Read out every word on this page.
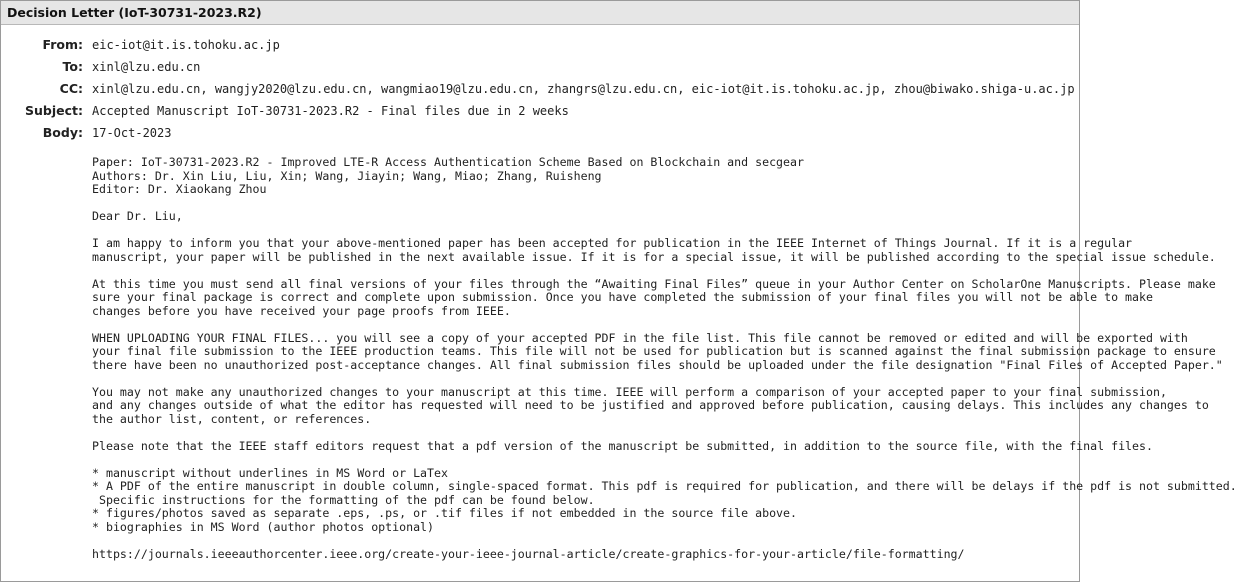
Decision Letter (IoT-30731-2023.R2)
From: eic-iot@it.is.tohoku.ac.jp
To: xinl@lzu.edu.cn
CC: xinl@lzu.edu.cn, wangjy2020@lzu.edu.cn, wangmiao19@lzu.edu.cn, zhangrs@lzu.edu.cn, eic-iot@it.is.tohoku.ac.jp, zhou@biwako.shiga-u.ac.jp
Subject: Accepted Manuscript IoT-30731-2023.R2 - Final files due in 2 weeks
Body: 17-Oct-2023
Paper: IoT-30731-2023.R2 - Improved LTE-R Access Authentication Scheme Based on Blockchain and secgear
Authors: Dr. Xin Liu, Liu, Xin; Wang, Jiayin; Wang, Miao; Zhang, Ruisheng
Editor: Dr. Xiaokang Zhou
Dear Dr. Liu,
I am happy to inform you that your above-mentioned paper has been accepted for publication in the IEEE Internet of Things Journal. If it is a regular
manuscript, your paper will be published in the next available issue. If it is for a special issue, it will be published according to the special issue schedule.
At this time you must send all final versions of your files through the “Awaiting Final Files” queue in your Author Center on ScholarOne Manuscripts. Please make
sure your final package is correct and complete upon submission. Once you have completed the submission of your final files you will not be able to make
changes before you have received your page proofs from IEEE.
WHEN UPLOADING YOUR FINAL FILES... you will see a copy of your accepted PDF in the file list. This file cannot be removed or edited and will be exported with
your final file submission to the IEEE production teams. This file will not be used for publication but is scanned against the final submission package to ensure
there have been no unauthorized post-acceptance changes. All final submission files should be uploaded under the file designation "Final Files of Accepted Paper."
You may not make any unauthorized changes to your manuscript at this time. IEEE will perform a comparison of your accepted paper to your final submission,
and any changes outside of what the editor has requested will need to be justified and approved before publication, causing delays. This includes any changes to
the author list, content, or references.
Please note that the IEEE staff editors request that a pdf version of the manuscript be submitted, in addition to the source file, with the final files.
* manuscript without underlines in MS Word or LaTex
* A PDF of the entire manuscript in double column, single-spaced format. This pdf is required for publication, and there will be delays if the pdf is not submitted.
Specific instructions for the formatting of the pdf can be found below.
* figures/photos saved as separate .eps, .ps, or .tif files if not embedded in the source file above.
* biographies in MS Word (author photos optional)
https://journals.ieeeauthorcenter.ieee.org/create-your-ieee-journal-article/create-graphics-for-your-article/file-formatting/
